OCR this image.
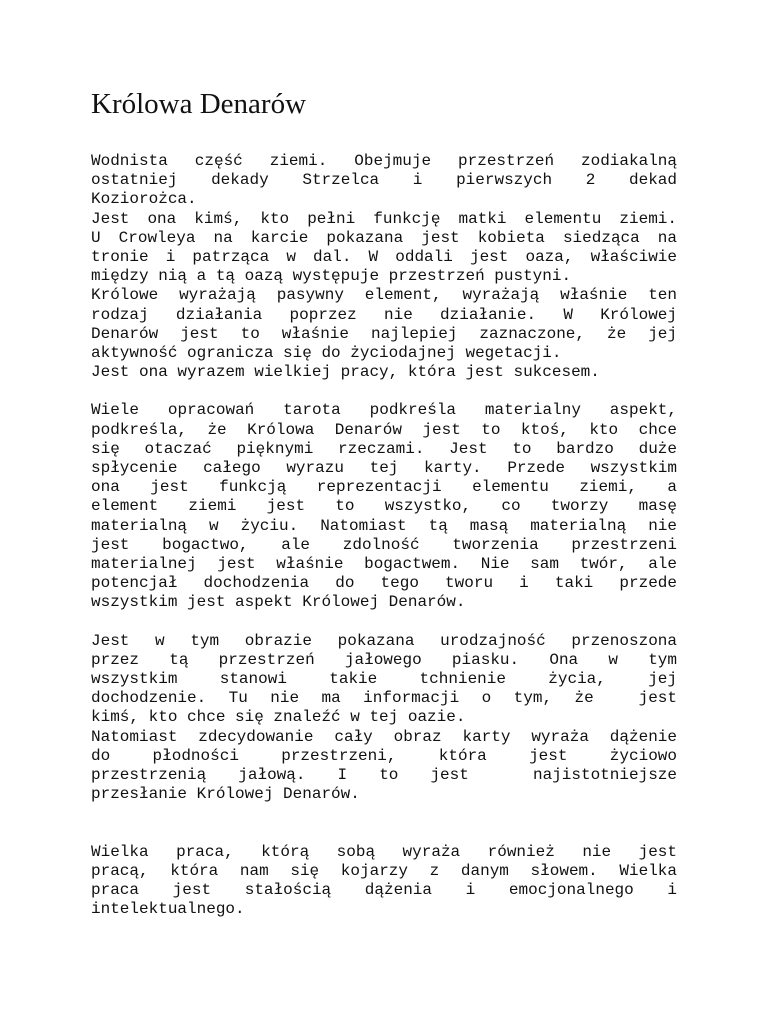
Królowa Denarów
Wodnista część ziemi. Obejmuje przestrzeń zodiakalną
ostatniej dekady Strzelca i pierwszych 2 dekad
Koziorożca.
Jest ona kimś, kto pełni funkcję matki elementu ziemi.
U Crowleya na karcie pokazana jest kobieta siedząca na
tronie i patrząca w dal. W oddali jest oaza, właściwie
między nią a tą oazą występuje przestrzeń pustyni.
Królowe wyrażają pasywny element, wyrażają właśnie ten
rodzaj działania poprzez nie działanie. W Królowej
Denarów jest to właśnie najlepiej zaznaczone, że jej
aktywność ogranicza się do życiodajnej wegetacji.
Jest ona wyrazem wielkiej pracy, która jest sukcesem.
Wiele opracowań tarota podkreśla materialny aspekt,
podkreśla, że Królowa Denarów jest to ktoś, kto chce
się otaczać pięknymi rzeczami. Jest to bardzo duże
spłycenie całego wyrazu tej karty. Przede wszystkim
ona jest funkcją reprezentacji elementu ziemi, a
element ziemi jest to wszystko, co tworzy masę
materialną w życiu. Natomiast tą masą materialną nie
jest bogactwo, ale zdolność tworzenia przestrzeni
materialnej jest właśnie bogactwem. Nie sam twór, ale
potencjał dochodzenia do tego tworu i taki przede
wszystkim jest aspekt Królowej Denarów.
Jest w tym obrazie pokazana urodzajność przenoszona
przez tą przestrzeń jałowego piasku. Ona w tym
wszystkim stanowi takie tchnienie życia, jej
dochodzenie. Tu nie ma informacji o tym, że  jest
kimś, kto chce się znaleźć w tej oazie.
Natomiast zdecydowanie cały obraz karty wyraża dążenie
do płodności przestrzeni, która jest życiowo
przestrzenią jałową. I to jest  najistotniejsze
przesłanie Królowej Denarów.
Wielka praca, którą sobą wyraża również nie jest
pracą, która nam się kojarzy z danym słowem. Wielka
praca jest stałością dążenia i emocjonalnego i
intelektualnego.
